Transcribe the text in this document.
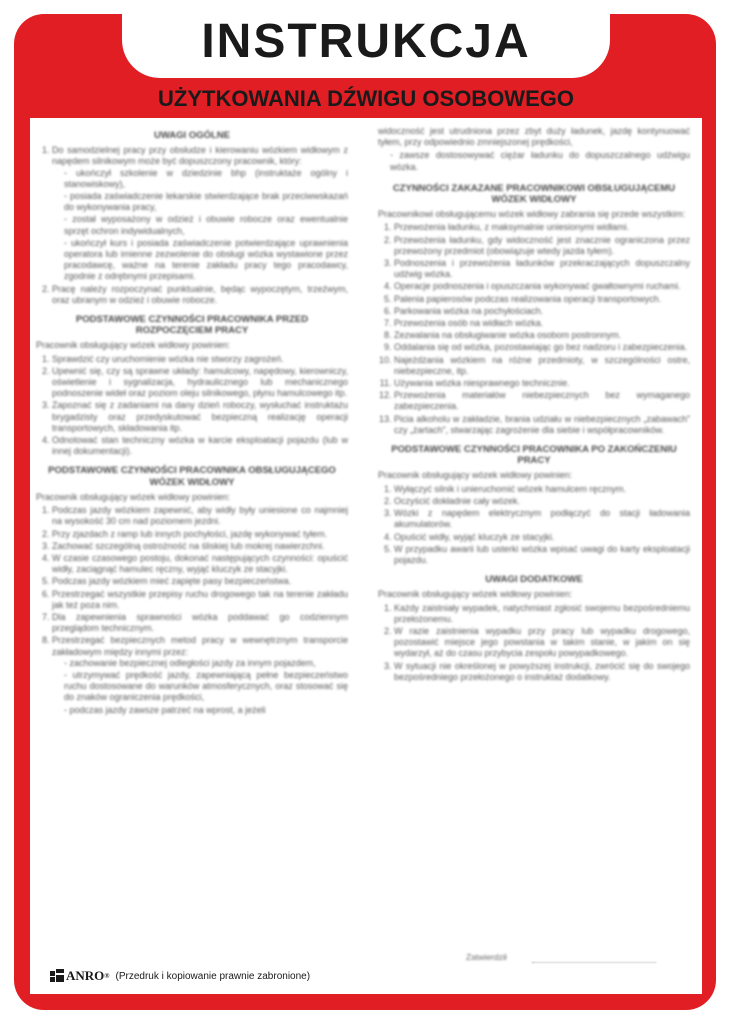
INSTRUKCJA
UŻYTKOWANIA DŹWIGU OSOBOWEGO
UWAGI OGÓLNE
1. Do samodzielnej pracy przy obsłudze i kierowaniu wózkiem widłowym z napędem silnikowym może być dopuszczony pracownik, który:
- ukończył szkolenie w dziedzinie bhp (instruktaże ogólny i stanowiskowy),
- posiada zaświadczenie lekarskie stwierdzające brak przeciwwskazań do wykonywania pracy,
- został wyposażony w odzież i obuwie robocze oraz ewentualnie sprzęt ochron indywidualnych,
- ukończył kurs i posiada zaświadczenie potwierdzające uprawnienia operatora lub imienne zezwolenie do obsługi wózka wystawione przez pracodawcę, ważne na terenie zakładu pracy tego pracodawcy, zgodnie z odrębnymi przepisami.
2. Pracę należy rozpoczynać punktualnie, będąc wypoczętym, trzeźwym, oraz ubranym w odzież i obuwie robocze.
PODSTAWOWE CZYNNOŚCI PRACOWNIKA PRZED ROZPOCZĘCIEM PRACY

Pracownik obsługujący wózek widłowy powinien:

1. Sprawdzić czy uruchomienie wózka nie stworzy zagrożeń.
2. Upewnić się, czy są sprawne układy: hamulcowy, napędowy, kierowniczy, oświetlenie i sygnalizacja, hydraulicznego lub mechanicznego podnoszenie wideł oraz poziom oleju silnikowego, płynu hamulcowego itp.
3. Zapoznać się z zadaniami na dany dzień roboczy, wysłuchać instruktażu brygadzisty oraz przedyskutować bezpieczną realizację operacji transportowych, składowania itp.
4. Odnotować stan techniczny wózka w karcie eksploatacji pojazdu (lub w innej dokumentacji).
PODSTAWOWE CZYNNOŚCI PRACOWNIKA OBSŁUGUJĄCEGO WÓZEK WIDŁOWY

Pracownik obsługujący wózek widłowy powinien:

1. Podczas jazdy wózkiem zapewnić, aby widły były uniesione co najmniej na wysokość 30 cm nad poziomem jezdni.
2. Przy zjazdach z ramp lub innych pochyłości, jazdę wykonywać tyłem.
3. Zachować szczególną ostrożność na śliskiej lub mokrej nawierzchni.
4. W czasie czasowego postoju, dokonać następujących czynności: opuścić widły, zaciągnąć hamulec ręczny, wyjąć kluczyk ze stacyjki.
5. Podczas jazdy wózkiem mieć zapięte pasy bezpieczeństwa.
6. Przestrzegać wszystkie przepisy ruchu drogowego tak na terenie zakładu jak też poza nim.
7. Dla zapewnienia sprawności wózka poddawać go codziennym przeglądom technicznym.
8. Przestrzegać bezpiecznych metod pracy w wewnętrznym transporcie zakładowym między innymi przez:
- zachowanie bezpiecznej odległości jazdy za innym pojazdem,
- utrzymywać prędkość jazdy, zapewniającą pełne bezpieczeństwo ruchu dostosowane do warunków atmosferycznych, oraz stosować się do znaków ograniczenia prędkości,
- podczas jazdy zawsze patrzeć na wprost, a jeżeli

widoczność jest utrudniona przez zbyt duży ładunek, jazdę kontynuować tyłem, przy odpowiednio zmniejszonej prędkości,

- zawsze dostosowywać ciężar ładunku do dopuszczalnego udźwigu wózka.
CZYNNOŚCI ZAKAZANE PRACOWNIKOWI OBSŁUGUJĄCEMU WÓZEK WIDŁOWY

Pracownikowi obsługującemu wózek widłowy zabrania się przede wszystkim:

1. Przewożenia ładunku, z maksymalnie uniesionymi widłami.
2. Przewożenia ładunku, gdy widoczność jest znacznie ograniczona przez przewożony przedmiot (obowiązuje wtedy jazda tyłem).
3. Podnoszenia i przewożenia ładunków przekraczających dopuszczalny udźwig wózka.
4. Operacje podnoszenia i opuszczania wykonywać gwałtownymi ruchami.
5. Palenia papierosów podczas realizowania operacji transportowych.
6. Parkowania wózka na pochyłościach.
7. Przewożenia osób na widłach wózka.
8. Zezwalania na obsługiwanie wózka osobom postronnym.
9. Oddalania się od wózka, pozostawiając go bez nadzoru i zabezpieczenia.
10. Najeżdżania wózkiem na różne przedmioty, w szczególności ostre, niebezpieczne, itp.
11. Używania wózka niesprawnego technicznie.
12. Przewożenia materiałów niebezpiecznych bez wymaganego zabezpieczenia.
13. Picia alkoholu w zakładzie, brania udziału w niebezpiecznych „zabawach” czy „żartach”, stwarzając zagrożenie dla siebie i współpracowników.
PODSTAWOWE CZYNNOŚCI PRACOWNIKA PO ZAKOŃCZENIU PRACY

Pracownik obsługujący wózek widłowy powinien:

1. Wyłączyć silnik i unieruchomić wózek hamulcem ręcznym.
2. Oczyścić dokładnie cały wózek.
3. Wózki z napędem elektrycznym podłączyć do stacji ładowania akumulatorów.
4. Opuścić widły, wyjąć kluczyk ze stacyjki.
5. W przypadku awarii lub usterki wózka wpisać uwagi do karty eksploatacji pojazdu.
UWAGI DODATKOWE

Pracownik obsługujący wózek widłowy powinien:

1. Każdy zaistniały wypadek, natychmiast zgłosić swojemu bezpośredniemu przełożonemu.
2. W razie zaistnienia wypadku przy pracy lub wypadku drogowego, pozostawić miejsce jego powstania w takim stanie, w jakim on się wydarzył, aż do czasu przybycia zespołu powypadkowego.
3. W sytuacji nie określonej w powyższej instrukcji, zwrócić się do swojego bezpośredniego przełożonego o instruktaż dodatkowy.
Zatwierdził
ANRO ® (Przedruk i kopiowanie prawnie zabronione)
